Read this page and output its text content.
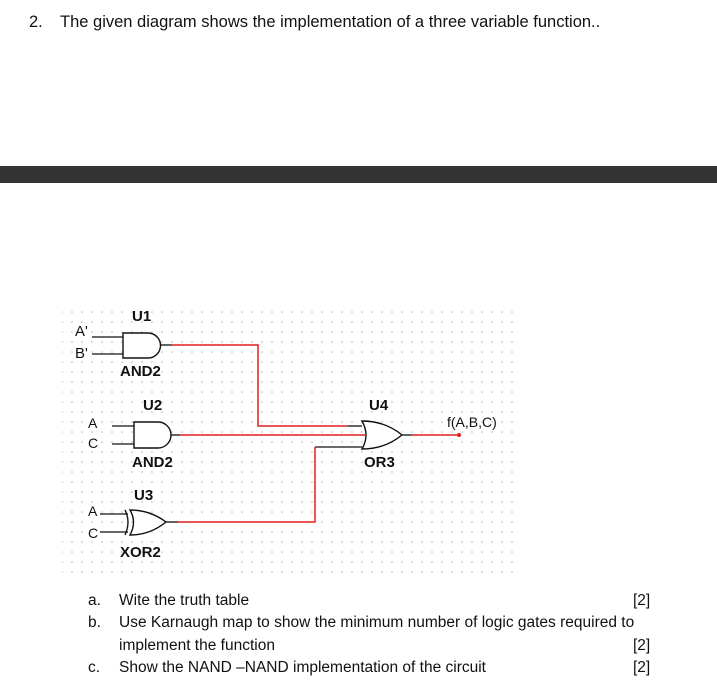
2. The given diagram shows the implementation of a three variable function..
A'
B'
A
C
A
C
U1
AND2
U2
AND2
U3
XOR2
U4
OR3
f(A,B,C)
a.	Wite the truth table	[2]
b.	Use Karnaugh map to show the minimum number of logic gates required to
implement the function	[2]
c.	Show the NAND –NAND implementation of the circuit	[2]
